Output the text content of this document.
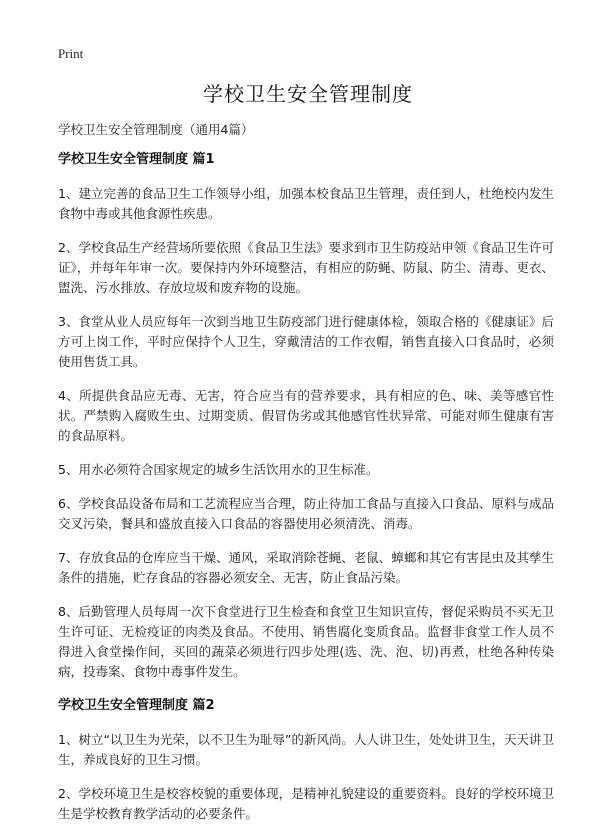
Print
学校卫生安全管理制度
学校卫生安全管理制度（通用4篇）
学校卫生安全管理制度 篇1

1、建立完善的食品卫生工作领导小组，加强本校食品卫生管理，责任到人，杜绝校内发生食物中毒或其他食源性疾患。

2、学校食品生产经营场所要依照《食品卫生法》要求到市卫生防疫站申领《食品卫生许可证》，并每年年审一次。要保持内外环境整洁，有相应的防蝇、防鼠、防尘、清毒、更衣、盥洗、污水排放、存放垃圾和废弃物的设施。

3、食堂从业人员应每年一次到当地卫生防疫部门进行健康体检，领取合格的《健康证》后方可上岗工作，平时应保持个人卫生，穿戴清洁的工作衣帽，销售直接入口食品时，必须使用售货工具。

4、所提供食品应无毒、无害，符合应当有的营养要求，具有相应的色、味、美等感官性状。严禁购入腐败生虫、过期变质、假冒伪劣或其他感官性状异常、可能对师生健康有害的食品原料。

5、用水必须符合国家规定的城乡生活饮用水的卫生标准。

6、学校食品设备布局和工艺流程应当合理，防止待加工食品与直接入口食品、原料与成品交叉污染，餐具和盛放直接入口食品的容器使用必须清洗、消毒。

7、存放食品的仓库应当干燥、通风，采取消除苍蝇、老鼠、蟑螂和其它有害昆虫及其孳生条件的措施，贮存食品的容器必须安全、无害，防止食品污染。

8、后勤管理人员每周一次下食堂进行卫生检查和食堂卫生知识宣传，督促采购员不买无卫生许可证、无检疫证的肉类及食品。不使用、销售腐化变质食品。监督非食堂工作人员不得进入食堂操作间，买回的蔬菜必须进行四步处理(选、洗、泡、切)再煮，杜绝各种传染病，投毒案、食物中毒事件发生。

学校卫生安全管理制度 篇2

1、树立“以卫生为光荣，以不卫生为耻辱”的新风尚。人人讲卫生，处处讲卫生，天天讲卫生，养成良好的卫生习惯。

2、学校环境卫生是校容校貌的重要体现，是精神礼貌建设的重要资料。良好的学校环境卫生是学校教育教学活动的必要条件。
